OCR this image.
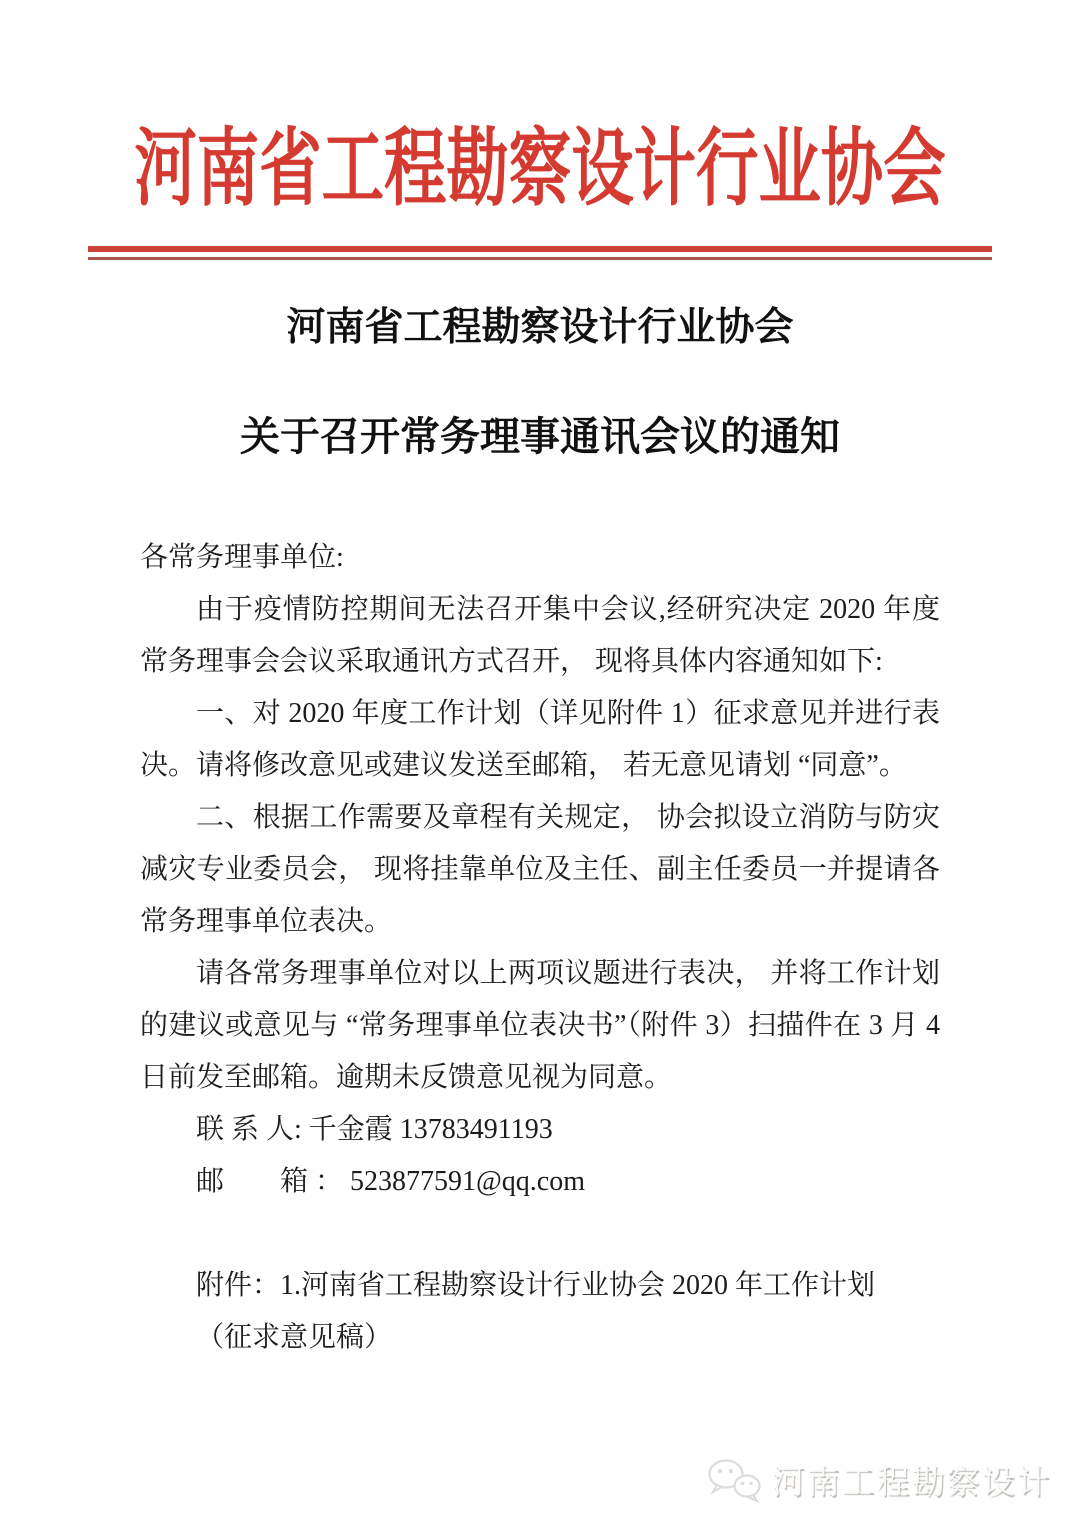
河南省工程勘察设计行业协会
河南省工程勘察设计行业协会
关于召开常务理事通讯会议的通知

各常务理事单位:

由于疫情防控期间无法召开集中会议,经研究决定 2020 年度常务理事会会议采取通讯方式召开， 现将具体内容通知如下:

一、对 2020 年度工作计划（详见附件 1）征求意见并进行表决。请将修改意见或建议发送至邮箱， 若无意见请划 “同意”。

二、根据工作需要及章程有关规定， 协会拟设立消防与防灾减灾专业委员会， 现将挂靠单位及主任、副主任委员一并提请各常务理事单位表决。

请各常务理事单位对以上两项议题进行表决， 并将工作计划的建议或意见与 “常务理事单位表决书”（附件 3）扫描件在 3 月 4 日前发至邮箱。逾期未反馈意见视为同意。

联 系 人: 千金霞 13783491193

邮　　箱 ： 523877591@qq.com

附件：1.河南省工程勘察设计行业协会 2020 年工作计划

（征求意见稿）

河南工程勘察设计
